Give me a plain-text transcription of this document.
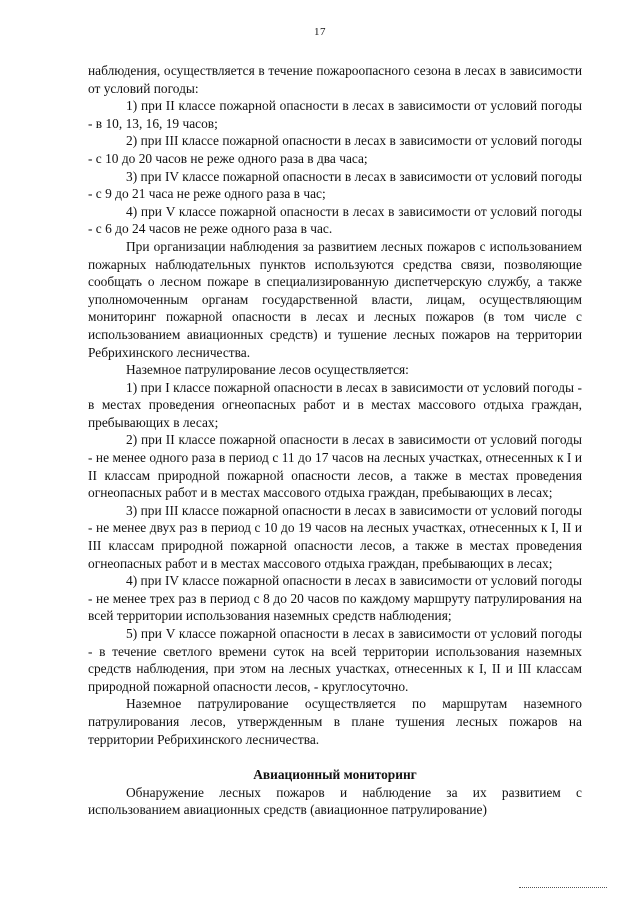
17

наблюдения, осуществляется в течение пожароопасного сезона в лесах в зависимости от условий погоды:

1) при II классе пожарной опасности в лесах в зависимости от условий погоды - в 10, 13, 16, 19 часов;

2) при III классе пожарной опасности в лесах в зависимости от условий погоды - с 10 до 20 часов не реже одного раза в два часа;

3) при IV классе пожарной опасности в лесах в зависимости от условий погоды - с 9 до 21 часа не реже одного раза в час;

4) при V классе пожарной опасности в лесах в зависимости от условий погоды - с 6 до 24 часов не реже одного раза в час.

При организации наблюдения за развитием лесных пожаров с использованием пожарных наблюдательных пунктов используются средства связи, позволяющие сообщать о лесном пожаре в специализированную диспетчерскую службу, а также уполномоченным органам государственной власти, лицам, осуществляющим мониторинг пожарной опасности в лесах и лесных пожаров (в том числе с использованием авиационных средств) и тушение лесных пожаров на территории Ребрихинского лесничества.

Наземное патрулирование лесов осуществляется:

1) при I классе пожарной опасности в лесах в зависимости от условий погоды - в местах проведения огнеопасных работ и в местах массового отдыха граждан, пребывающих в лесах;

2) при II классе пожарной опасности в лесах в зависимости от условий погоды - не менее одного раза в период с 11 до 17 часов на лесных участках, отнесенных к I и II классам природной пожарной опасности лесов, а также в местах проведения огнеопасных работ и в местах массового отдыха граждан, пребывающих в лесах;

3) при III классе пожарной опасности в лесах в зависимости от условий погоды - не менее двух раз в период с 10 до 19 часов на лесных участках, отнесенных к I, II и III классам природной пожарной опасности лесов, а также в местах проведения огнеопасных работ и в местах массового отдыха граждан, пребывающих в лесах;

4) при IV классе пожарной опасности в лесах в зависимости от условий погоды - не менее трех раз в период с 8 до 20 часов по каждому маршруту патрулирования на всей территории использования наземных средств наблюдения;

5) при V классе пожарной опасности в лесах в зависимости от условий погоды - в течение светлого времени суток на всей территории использования наземных средств наблюдения, при этом на лесных участках, отнесенных к I, II и III классам природной пожарной опасности лесов, - круглосуточно.

Наземное патрулирование осуществляется по маршрутам наземного патрулирования лесов, утвержденным в плане тушения лесных пожаров на территории Ребрихинского лесничества.

Авиационный мониторинг

Обнаружение лесных пожаров и наблюдение за их развитием с использованием авиационных средств (авиационное патрулирование)
